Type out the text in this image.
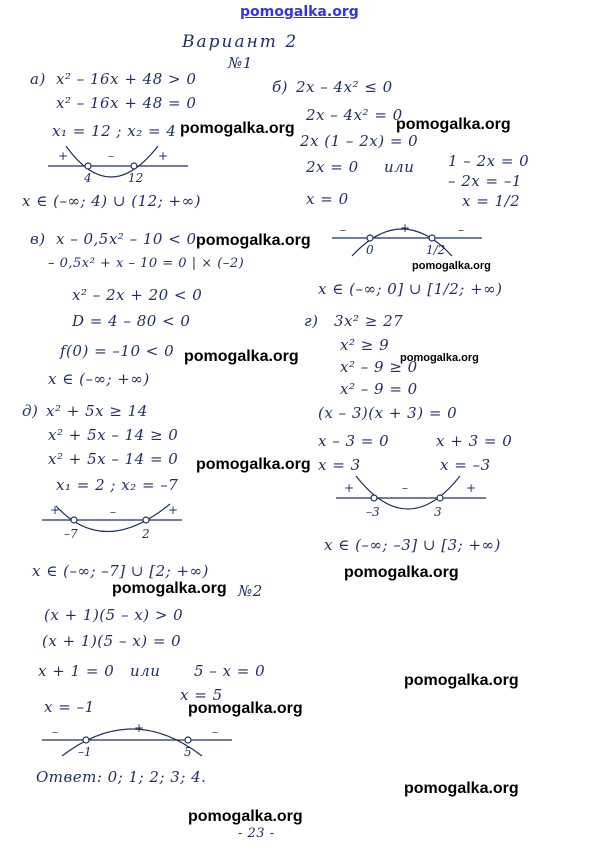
pomogalka.org
Вариант 2
№1
а) x² – 16x + 48 > 0
x² – 16x + 48 = 0
x₁ = 12 ; x₂ = 4
4	12
+	–	+
x ∈ (–∞; 4) ∪ (12; +∞)
б) 2x – 4x² ≤ 0
2x – 4x² = 0
2x (1 – 2x) = 0
2x = 0 или 1 – 2x = 0
– 2x = –1
x = 0	x = 1/2
0	1/2
–	+	–
x ∈ (–∞; 0] ∪ [1/2; +∞)
в) x – 0,5x² – 10 < 0
– 0,5x² + x – 10 = 0 | × (–2)
x² – 2x + 20 < 0
D = 4 – 80 < 0
f(0) = –10 < 0
x ∈ (–∞; +∞)
г) 3x² ≥ 27
x² ≥ 9
x² – 9 ≥ 0
x² – 9 = 0
(x – 3)(x + 3) = 0
x – 3 = 0	x + 3 = 0
x = 3	x = –3
–3	3
+	–	+
x ∈ (–∞; –3] ∪ [3; +∞)
д) x² + 5x ≥ 14
x² + 5x – 14 ≥ 0
x² + 5x – 14 = 0
x₁ = 2 ; x₂ = –7
–7	2
+	–	+
x ∈ (–∞; –7] ∪ [2; +∞)
№2
(x + 1)(5 – x) > 0
(x + 1)(5 – x) = 0
x + 1 = 0 или 5 – x = 0
x = 5
x = –1
–1	5
–	+	–
Ответ: 0; 1; 2; 3; 4.
- 23 -
pomogalka.org	pomogalka.org
pomogalka.org
pomogalka.org
pomogalka.org	pomogalka.org
pomogalka.org
pomogalka.org
pomogalka.org
pomogalka.org
pomogalka.org
pomogalka.org
pomogalka.org
